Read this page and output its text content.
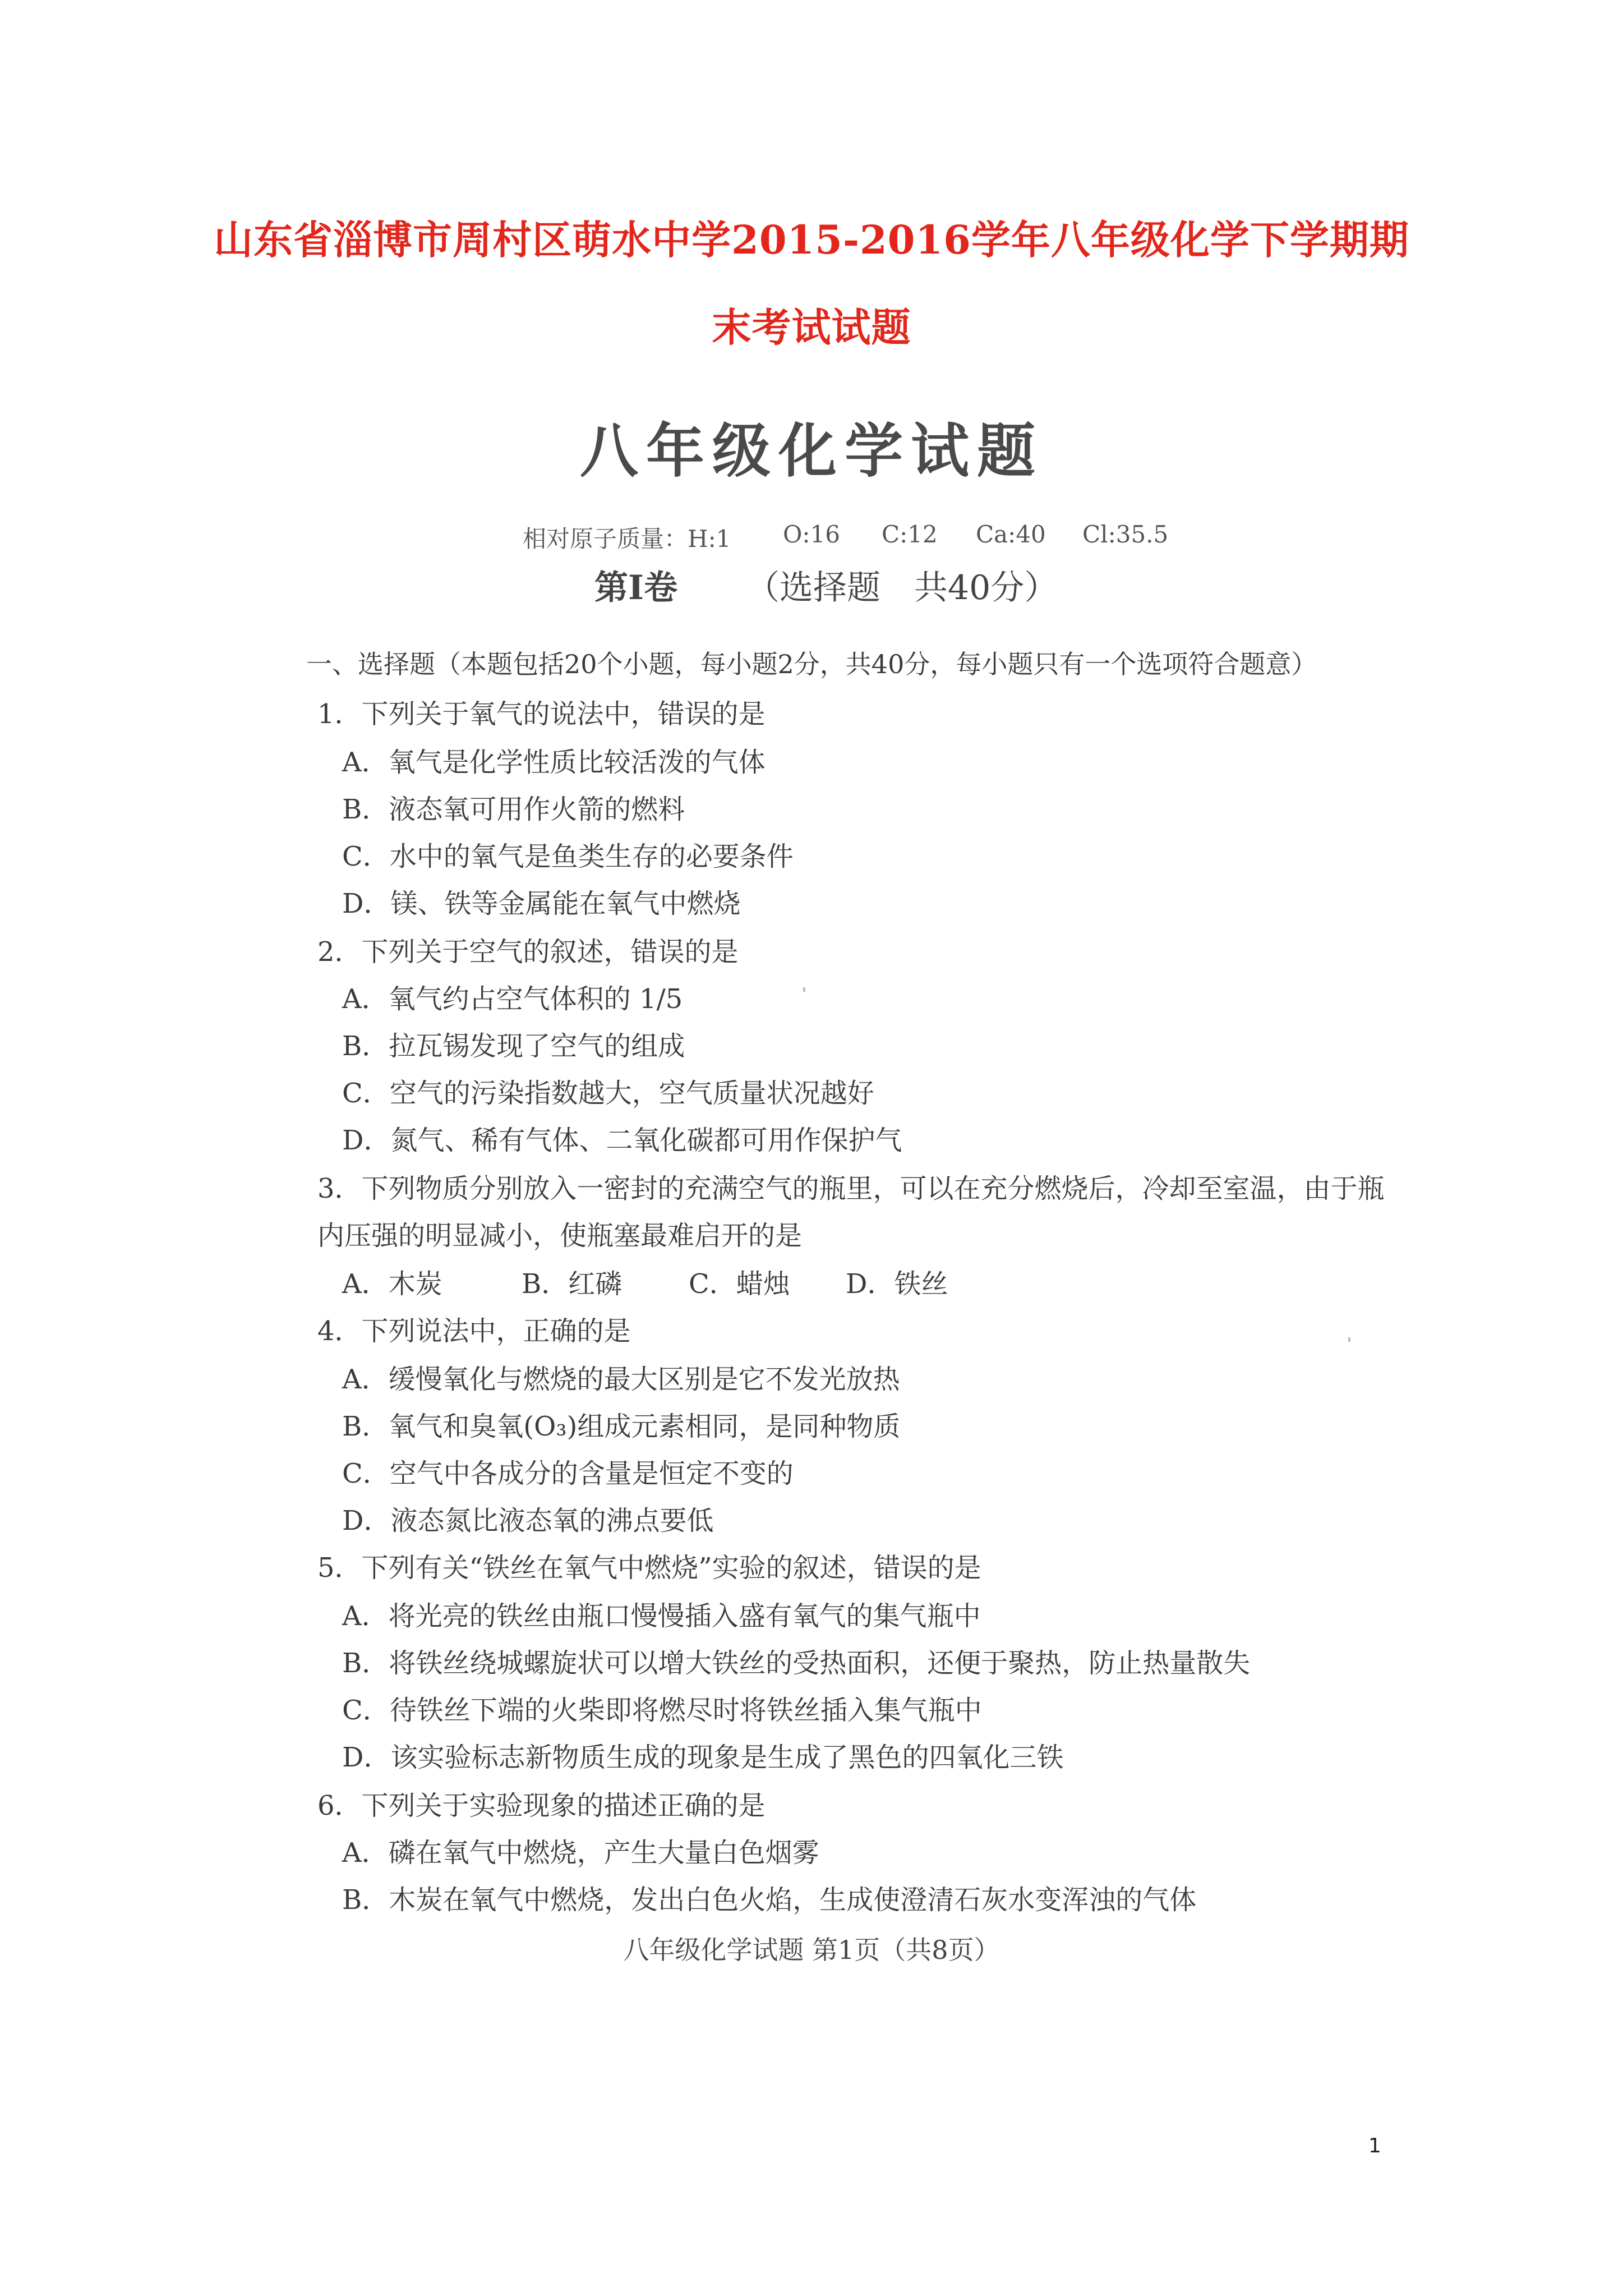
山东省淄博市周村区萌水中学2015-2016学年八年级化学下学期期
末考试试题
八年级化学试题
相对原子质量：H:1 O:16 C:12 Ca:40 Cl:35.5
第Ⅰ卷 （选择题　共40分）
一、选择题（本题包括20个小题，每小题2分，共40分，每小题只有一个选项符合题意）
1．下列关于氧气的说法中，错误的是
A．氧气是化学性质比较活泼的气体
B．液态氧可用作火箭的燃料
C．水中的氧气是鱼类生存的必要条件
D．镁、铁等金属能在氧气中燃烧
2．下列关于空气的叙述，错误的是
A．氧气约占空气体积的 1/5
B．拉瓦锡发现了空气的组成
C．空气的污染指数越大，空气质量状况越好
D．氮气、稀有气体、二氧化碳都可用作保护气
3．下列物质分别放入一密封的充满空气的瓶里，可以在充分燃烧后，冷却至室温，由于瓶
内压强的明显减小，使瓶塞最难启开的是
A．木炭	B．红磷 C．蜡烛 D．铁丝
4．下列说法中，正确的是
A．缓慢氧化与燃烧的最大区别是它不发光放热
B．氧气和臭氧(O₃)组成元素相同，是同种物质
C．空气中各成分的含量是恒定不变的
D．液态氮比液态氧的沸点要低
5．下列有关“铁丝在氧气中燃烧”实验的叙述，错误的是
A．将光亮的铁丝由瓶口慢慢插入盛有氧气的集气瓶中
B．将铁丝绕城螺旋状可以增大铁丝的受热面积，还便于聚热，防止热量散失
C．待铁丝下端的火柴即将燃尽时将铁丝插入集气瓶中
D．该实验标志新物质生成的现象是生成了黑色的四氧化三铁
6．下列关于实验现象的描述正确的是
A．磷在氧气中燃烧，产生大量白色烟雾
B．木炭在氧气中燃烧，发出白色火焰，生成使澄清石灰水变浑浊的气体
八年级化学试题 第1页（共8页）
1
